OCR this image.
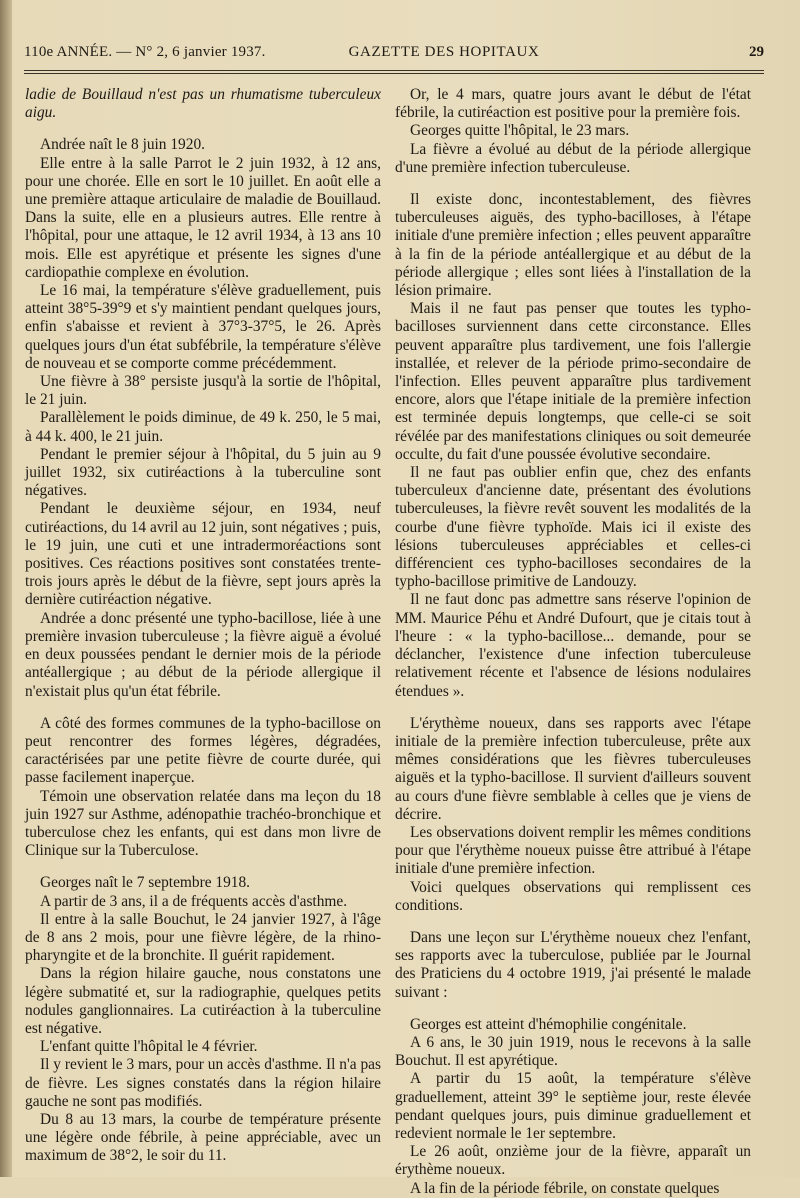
110e ANNÉE. — N° 2, 6 janvier 1937.	GAZETTE DES HOPITAUX	29

ladie de Bouillaud n'est pas un rhumatisme tuberculeux aigu.

Andrée naît le 8 juin 1920.

Elle entre à la salle Parrot le 2 juin 1932, à 12 ans, pour une chorée. Elle en sort le 10 juillet. En août elle a une première attaque articulaire de maladie de Bouillaud. Dans la suite, elle en a plusieurs autres. Elle rentre à l'hôpital, pour une attaque, le 12 avril 1934, à 13 ans 10 mois. Elle est apyrétique et présente les signes d'une cardiopathie complexe en évolution.

Le 16 mai, la température s'élève graduellement, puis atteint 38°5-39°9 et s'y maintient pendant quelques jours, enfin s'abaisse et revient à 37°3-37°5, le 26. Après quelques jours d'un état subfébrile, la température s'élève de nouveau et se comporte comme précédemment.

Une fièvre à 38° persiste jusqu'à la sortie de l'hôpital, le 21 juin.

Parallèlement le poids diminue, de 49 k. 250, le 5 mai, à 44 k. 400, le 21 juin.

Pendant le premier séjour à l'hôpital, du 5 juin au 9 juillet 1932, six cutiréactions à la tuberculine sont négatives.

Pendant le deuxième séjour, en 1934, neuf cutiréactions, du 14 avril au 12 juin, sont négatives ; puis, le 19 juin, une cuti et une intradermoréactions sont positives. Ces réactions positives sont constatées trente-trois jours après le début de la fièvre, sept jours après la dernière cutiréaction négative.

Andrée a donc présenté une typho-bacillose, liée à une première invasion tuberculeuse ; la fièvre aiguë a évolué en deux poussées pendant le dernier mois de la période antéallergique ; au début de la période allergique il n'existait plus qu'un état fébrile.

A côté des formes communes de la typho-bacillose on peut rencontrer des formes légères, dégradées, caractérisées par une petite fièvre de courte durée, qui passe facilement inaperçue.

Témoin une observation relatée dans ma leçon du 18 juin 1927 sur Asthme, adénopathie trachéo-bronchique et tuberculose chez les enfants, qui est dans mon livre de Clinique sur la Tuberculose.

Georges naît le 7 septembre 1918.

A partir de 3 ans, il a de fréquents accès d'asthme.

Il entre à la salle Bouchut, le 24 janvier 1927, à l'âge de 8 ans 2 mois, pour une fièvre légère, de la rhino-pharyngite et de la bronchite. Il guérit rapidement.

Dans la région hilaire gauche, nous constatons une légère submatité et, sur la radiographie, quelques petits nodules ganglionnaires. La cutiréaction à la tuberculine est négative.

L'enfant quitte l'hôpital le 4 février.

Il y revient le 3 mars, pour un accès d'asthme. Il n'a pas de fièvre. Les signes constatés dans la région hilaire gauche ne sont pas modifiés.

Du 8 au 13 mars, la courbe de température présente une légère onde fébrile, à peine appréciable, avec un maximum de 38°2, le soir du 11.

Or, le 4 mars, quatre jours avant le début de l'état fébrile, la cutiréaction est positive pour la première fois.

Georges quitte l'hôpital, le 23 mars.

La fièvre a évolué au début de la période allergique d'une première infection tuberculeuse.

Il existe donc, incontestablement, des fièvres tuberculeuses aiguës, des typho-bacilloses, à l'étape initiale d'une première infection ; elles peuvent apparaître à la fin de la période antéallergique et au début de la période allergique ; elles sont liées à l'installation de la lésion primaire.

Mais il ne faut pas penser que toutes les typho-bacilloses surviennent dans cette circonstance. Elles peuvent apparaître plus tardivement, une fois l'allergie installée, et relever de la période primo-secondaire de l'infection. Elles peuvent apparaître plus tardivement encore, alors que l'étape initiale de la première infection est terminée depuis longtemps, que celle-ci se soit révélée par des manifestations cliniques ou soit demeurée occulte, du fait d'une poussée évolutive secondaire.

Il ne faut pas oublier enfin que, chez des enfants tuberculeux d'ancienne date, présentant des évolutions tuberculeuses, la fièvre revêt souvent les modalités de la courbe d'une fièvre typhoïde. Mais ici il existe des lésions tuberculeuses appréciables et celles-ci différencient ces typho-bacilloses secondaires de la typho-bacillose primitive de Landouzy.

Il ne faut donc pas admettre sans réserve l'opinion de MM. Maurice Péhu et André Dufourt, que je citais tout à l'heure : « la typho-bacillose... demande, pour se déclancher, l'existence d'une infection tuberculeuse relativement récente et l'absence de lésions nodulaires étendues ».

L'érythème noueux, dans ses rapports avec l'étape initiale de la première infection tuberculeuse, prête aux mêmes considérations que les fièvres tuberculeuses aiguës et la typho-bacillose. Il survient d'ailleurs souvent au cours d'une fièvre semblable à celles que je viens de décrire.

Les observations doivent remplir les mêmes conditions pour que l'érythème noueux puisse être attribué à l'étape initiale d'une première infection.

Voici quelques observations qui remplissent ces conditions.

Dans une leçon sur L'érythème noueux chez l'enfant, ses rapports avec la tuberculose, publiée par le Journal des Praticiens du 4 octobre 1919, j'ai présenté le malade suivant :

Georges est atteint d'hémophilie congénitale.

A 6 ans, le 30 juin 1919, nous le recevons à la salle Bouchut. Il est apyrétique.

A partir du 15 août, la température s'élève graduellement, atteint 39° le septième jour, reste élevée pendant quelques jours, puis diminue graduellement et redevient normale le 1er septembre.

Le 26 août, onzième jour de la fièvre, apparaît un érythème noueux.

A la fin de la période fébrile, on constate quelques
